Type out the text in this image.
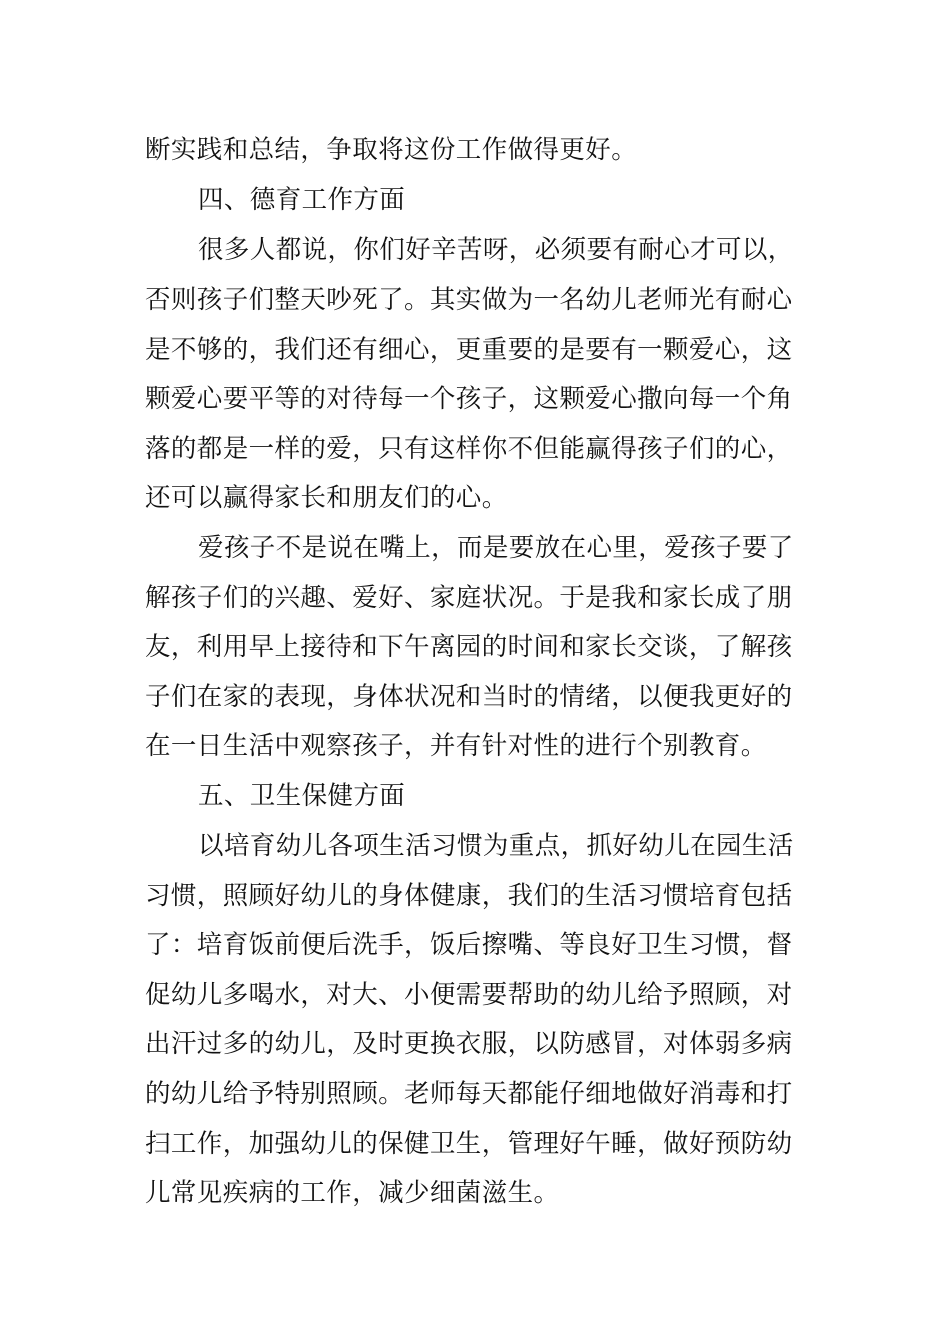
断实践和总结，争取将这份工作做得更好。
四、德育工作方面
很多人都说，你们好辛苦呀，必须要有耐心才可以，
否则孩子们整天吵死了。其实做为一名幼儿老师光有耐心
是不够的，我们还有细心，更重要的是要有一颗爱心，这
颗爱心要平等的对待每一个孩子，这颗爱心撒向每一个角
落的都是一样的爱，只有这样你不但能赢得孩子们的心，
还可以赢得家长和朋友们的心。
爱孩子不是说在嘴上，而是要放在心里，爱孩子要了
解孩子们的兴趣、爱好、家庭状况。于是我和家长成了朋
友，利用早上接待和下午离园的时间和家长交谈，了解孩
子们在家的表现，身体状况和当时的情绪，以便我更好的
在一日生活中观察孩子，并有针对性的进行个别教育。
五、卫生保健方面
以培育幼儿各项生活习惯为重点，抓好幼儿在园生活
习惯，照顾好幼儿的身体健康，我们的生活习惯培育包括
了：培育饭前便后洗手，饭后擦嘴、等良好卫生习惯，督
促幼儿多喝水，对大、小便需要帮助的幼儿给予照顾，对
出汗过多的幼儿，及时更换衣服，以防感冒，对体弱多病
的幼儿给予特别照顾。老师每天都能仔细地做好消毒和打
扫工作，加强幼儿的保健卫生，管理好午睡，做好预防幼
儿常见疾病的工作，减少细菌滋生。
